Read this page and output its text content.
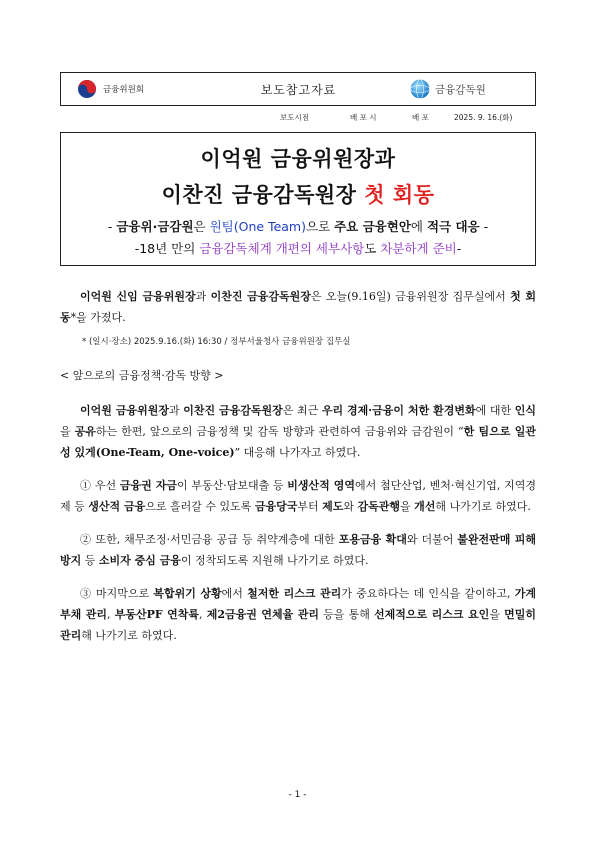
금융위원회	보도참고자료	금융감독원
보도시점	배 포 시	배 포	2025. 9. 16.(화)
이억원 금융위원장과
이찬진 금융감독원장 첫 회동
- 금융위·금감원은 원팀(One Team)으로 주요 금융현안에 적극 대응 -
-18년 만의 금융감독체계 개편의 세부사항도 차분하게 준비-

이억원 신임 금융위원장과 이찬진 금융감독원장은 오늘(9.16일) 금융위원장 집무실에서 첫 회동*을 가졌다.

* (일시·장소) 2025.9.16.(화) 16:30 / 정부서울청사 금융위원장 집무실

< 앞으로의 금융정책·감독 방향 >

이억원 금융위원장과 이찬진 금융감독원장은 최근 우리 경제·금융이 처한 환경변화에 대한 인식을 공유하는 한편, 앞으로의 금융정책 및 감독 방향과 관련하여 금융위와 금감원이 “한 팀으로 일관성 있게(One-Team, One-voice)” 대응해 나가자고 하였다.

① 우선 금융권 자금이 부동산·담보대출 등 비생산적 영역에서 첨단산업, 벤처·혁신기업, 지역경제 등 생산적 금융으로 흘러갈 수 있도록 금융당국부터 제도와 감독관행을 개선해 나가기로 하였다.

② 또한, 채무조정·서민금융 공급 등 취약계층에 대한 포용금융 확대와 더불어 불완전판매 피해 방지 등 소비자 중심 금융이 정착되도록 지원해 나가기로 하였다.

③ 마지막으로 복합위기 상황에서 철저한 리스크 관리가 중요하다는 데 인식을 같이하고, 가계부채 관리, 부동산PF 연착륙, 제2금융권 연체율 관리 등을 통해 선제적으로 리스크 요인을 면밀히 관리해 나가기로 하였다.

- 1 -
